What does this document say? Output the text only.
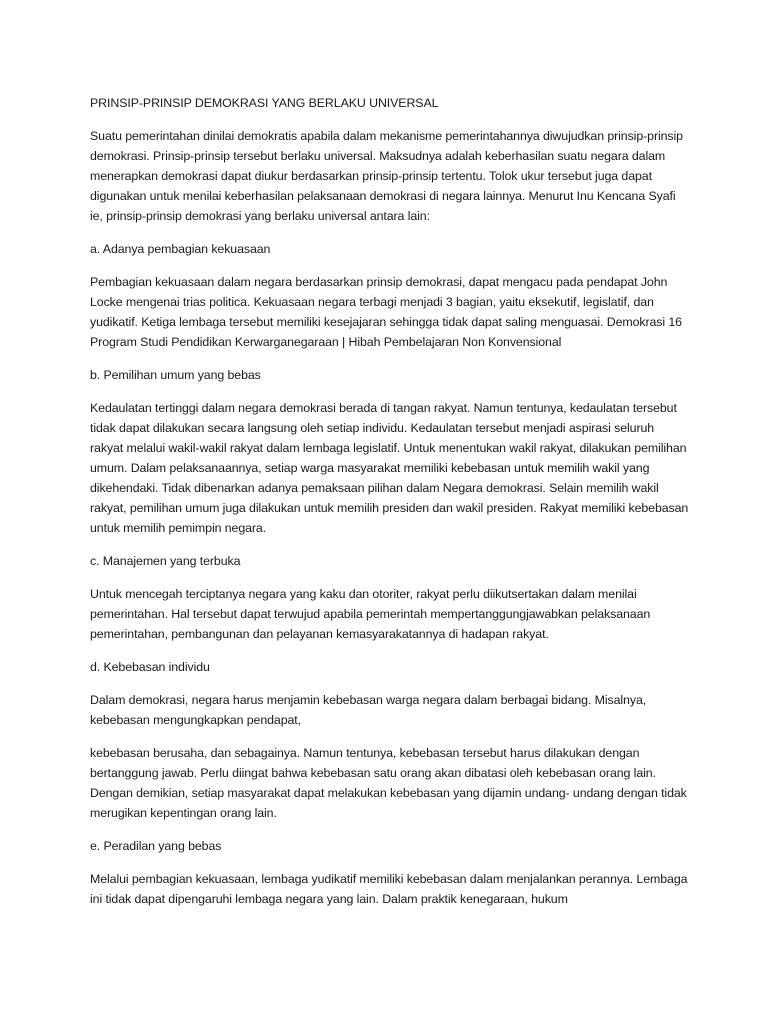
PRINSIP-PRINSIP DEMOKRASI YANG BERLAKU UNIVERSAL

Suatu pemerintahan dinilai demokratis apabila dalam mekanisme pemerintahannya diwujudkan prinsip-prinsip demokrasi. Prinsip-prinsip tersebut berlaku universal. Maksudnya adalah keberhasilan suatu negara dalam menerapkan demokrasi dapat diukur berdasarkan prinsip-prinsip tertentu. Tolok ukur tersebut juga dapat digunakan untuk menilai keberhasilan pelaksanaan demokrasi di negara lainnya. Menurut Inu Kencana Syafi ie, prinsip-prinsip demokrasi yang berlaku universal antara lain:

a. Adanya pembagian kekuasaan

Pembagian kekuasaan dalam negara berdasarkan prinsip demokrasi, dapat mengacu pada pendapat John Locke mengenai trias politica. Kekuasaan negara terbagi menjadi 3 bagian, yaitu eksekutif, legislatif, dan yudikatif. Ketiga lembaga tersebut memiliki kesejajaran sehingga tidak dapat saling menguasai. Demokrasi 16 Program Studi Pendidikan Kerwarganegaraan | Hibah Pembelajaran Non Konvensional

b. Pemilihan umum yang bebas

Kedaulatan tertinggi dalam negara demokrasi berada di tangan rakyat. Namun tentunya, kedaulatan tersebut tidak dapat dilakukan secara langsung oleh setiap individu. Kedaulatan tersebut menjadi aspirasi seluruh rakyat melalui wakil-wakil rakyat dalam lembaga legislatif. Untuk menentukan wakil rakyat, dilakukan pemilihan umum. Dalam pelaksanaannya, setiap warga masyarakat memiliki kebebasan untuk memilih wakil yang dikehendaki. Tidak dibenarkan adanya pemaksaan pilihan dalam Negara demokrasi. Selain memilih wakil rakyat, pemilihan umum juga dilakukan untuk memilih presiden dan wakil presiden. Rakyat memiliki kebebasan untuk memilih pemimpin negara.

c. Manajemen yang terbuka

Untuk mencegah terciptanya negara yang kaku dan otoriter, rakyat perlu diikutsertakan dalam menilai pemerintahan. Hal tersebut dapat terwujud apabila pemerintah mempertanggungjawabkan pelaksanaan pemerintahan, pembangunan dan pelayanan kemasyarakatannya di hadapan rakyat.

d. Kebebasan individu

Dalam demokrasi, negara harus menjamin kebebasan warga negara dalam berbagai bidang. Misalnya, kebebasan mengungkapkan pendapat,

kebebasan berusaha, dan sebagainya. Namun tentunya, kebebasan tersebut harus dilakukan dengan bertanggung jawab. Perlu diingat bahwa kebebasan satu orang akan dibatasi oleh kebebasan orang lain. Dengan demikian, setiap masyarakat dapat melakukan kebebasan yang dijamin undang- undang dengan tidak merugikan kepentingan orang lain.

e. Peradilan yang bebas

Melalui pembagian kekuasaan, lembaga yudikatif memiliki kebebasan dalam menjalankan perannya. Lembaga ini tidak dapat dipengaruhi lembaga negara yang lain. Dalam praktik kenegaraan, hukum
